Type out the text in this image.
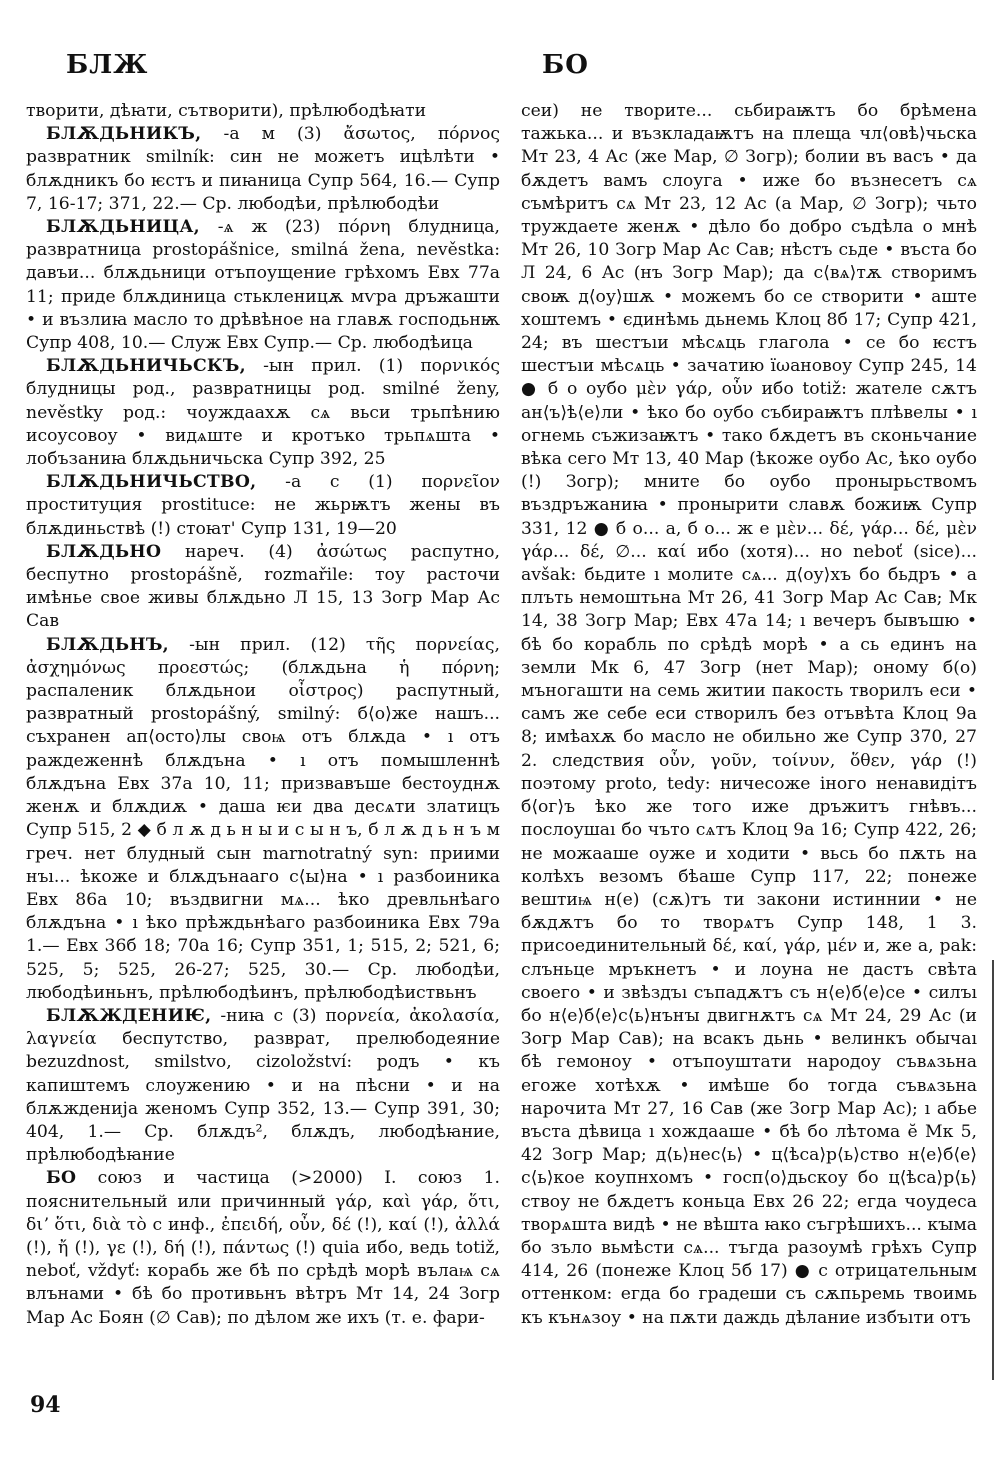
БЛЖ	БО

творити, дѣꙗти, сътворити), прѣлюбодѣꙗти

БЛѪДЬНИКЪ, -а м (3) ἄσωτος, πόρνος развратник smilník: син не можетъ ицѣлѣти • блѫдникъ бо ѥстъ и пиꙗница Супр 564, 16.— Супр 7, 16-17; 371, 22.— Ср. любодѣи, прѣлюбодѣи

БЛѪДЬНИЦА, -ѧ ж (23) πόρνη блудница, развратница prostopášnice, smilná žena, nevěstka: давъи... блѫдьници отъпоущение грѣхомъ Евх 77а 11; приде блѫдиница стькленицѫ мѵра дръжашти • и възлиꙗ масло то дрѣвѣное на главѫ господьнѭ Супр 408, 10.— Служ Евх Супр.— Ср. любодѣица

БЛѪДЬНИЧЬСКЪ, -ын прил. (1) πορνικός блудницы род., развратницы род. smilné ženy, nevěstky род.: чоуждаахѫ сѧ вьси трьпѣнию исоусовоу • видѧште и кротъко трьпѧшта • лобъзаниꙗ блѫдьничьска Супр 392, 25

БЛѪДЬНИЧЬСТВО, -а с (1) πορνεῖον проституция prostituce: не жьрѭтъ жены въ блѫдиньствѣ (!) стоꙗт' Супр 131, 19—20

БЛѪДЬНО нареч. (4) ἀσώτως распутно, беспутно prostopášně, rozmařile: тоу расточи имѣнье свое живы блѫдьно Л 15, 13 Зогр Мар Ас Сав

БЛѪДЬНЪ, -ын прил. (12) τῆς πορνείας, ἀσχημόνως προεστώς; (блѫдьна ἡ πόρνη; распаленик блѫдьнои οἶστρος) распутный, развратный prostopášný, smilný: б⟨о⟩же нашъ... съхранен ап⟨осто⟩лы своѩ отъ блѫда • ı отъ раждеженнѣ блѫдъна • ı отъ помышленнѣ блѫдъна Евх 37а 10, 11; призвавъше бестоуднѫ женѫ и блѫдиѫ • даша ѥи два десѧти златицъ Супр 515, 2 ◆ б л ѫ д ь н ы и с ы н ъ, б л ѫ д ь н ъ м греч. нет блудный сын marnotratný syn: приими нъı... ѣкоже и блѫдънааго с⟨ы⟩на • ı разбоиника Евх 86а 10; въздвигни мѧ... ѣко древльнѣаго блѫдъна • ı ѣко прѣждьнѣаго разбоиника Евх 79а 1.— Евх 36б 18; 70а 16; Супр 351, 1; 515, 2; 521, 6; 525, 5; 525, 26-27; 525, 30.— Ср. любодѣи, любодѣиньнъ, прѣлюбодѣинъ, прѣлюбодѣиствьнъ

БЛѪЖДЕНИѤ, -ниꙗ с (3) πορνεία, ἀκολασία, λαγνεία беспутство, разврат, прелюбодеяние bezuzdnost, smilstvo, cizoložství: родъ • къ капиштемъ слоужению • и на пѣсни • и на блѫжденија женомъ Супр 352, 13.— Супр 391, 30; 404, 1.— Ср. блѫдъ², блѫдъ, любодѣꙗние, прѣлюбодѣꙗние

БО союз и частица (>2000) I. союз 1. пояснительный или причинный γάρ, καὶ γάρ, ὅτι, διʼ ὅτι, διὰ τὸ с инф., ἐπειδή, οὖν, δέ (!), καί (!), ἀλλά (!), ἤ (!), γε (!), δή (!), πάντως (!) quia ибо, ведь totiž, neboť, vždyť: корабь же бѣ по срѣдѣ морѣ вълаѩ сѧ влънами • бѣ бо противьнъ вѣтръ Мт 14, 24 Зогр Мар Ас Боян (∅ Сав); по дѣлом же ихъ (т. е. фари-

сеи) не творите... сьбираѭтъ бо брѣмена тажька... и възкладаѭтъ на плеща чл⟨овѣ⟩чьска Мт 23, 4 Ас (же Мар, ∅ Зогр); болии въ васъ • да бѫдетъ вамъ слоуга • иже бо възнесетъ сѧ съмѣритъ сѧ Мт 23, 12 Ас (а Мар, ∅ Зогр); чьто труждаете женѫ • дѣло бо добро съдѣла о мнѣ Мт 26, 10 Зогр Мар Ас Сав; нѣстъ сьде • въста бо Л 24, 6 Ас (нъ Зогр Мар); да с⟨вѧ⟩тѫ створимъ своѭ д⟨оу⟩шѫ • можемъ бо се створити • аште хоштемъ • єдинѣмь дьнемь Клоц 8б 17; Супр 421, 24; въ шестъıи мѣсѧць глагола • се бо ѥстъ шестъıи мѣсѧць • зачатию їωановоу Супр 245, 14 ● б о оубо μὲν γάρ, οὖν ибо totiž: жателе сѫтъ ан⟨ъ⟩ѣ⟨е⟩ли • ѣко бо оубо събираѭтъ плѣвелы • ı огнемь съжизаѭтъ • тако бѫдетъ въ сконьчание вѣка сего Мт 13, 40 Мар (ѣкоже оубо Ас, ѣко оубо (!) Зогр); мните бо оубо пронырьствомъ въздръжаниꙗ • пронырити славѫ божиѭ Супр 331, 12 ● б о... а, б о... ж е μὲν... δέ, γάρ... δέ, μὲν γάρ... δέ, ∅... καί ибо (хотя)... но neboť (sice)... avšak: бьдите ı молите сѧ... д⟨оу⟩хъ бо бьдръ • а плъть немоштьна Мт 26, 41 Зогр Мар Ас Сав; Мк 14, 38 Зогр Мар; Евх 47а 14; ı вечеръ бывъшю • бѣ бо корабль по срѣдѣ морѣ • а сь единъ на земли Мк 6, 47 Зогр (нет Мар); оному б(о) мъногашти на семь житии пакость творилъ еси • самъ же себе еси створилъ без отъвѣта Клоц 9а 8; имѣахѫ бо масло не обильно же Супр 370, 27 2. следствия οὖν, γοῦν, τοίνυν, ὅθεν, γάρ (!) поэтому proto, tedy: ничесоже іного ненавидітъ б⟨ог⟩ъ ѣко же того иже дръжитъ гнѣвъ... послоушаı бо чъто сѧтъ Клоц 9а 16; Супр 422, 26; не можааше оуже и ходити • вьсь бо пѫть на колѣхъ везомъ бѣаше Супр 117, 22; понеже вештиѩ н(е) (сѫ)тъ ти закони истиннии • не бѫдѫтъ бо то творѧтъ Супр 148, 1 3. присоединительный δέ, καί, γάρ, μέν и, же а, pak: слъньце мръкнетъ • и лоуна не дастъ свѣта своего • и звѣздъı съпадѫтъ съ н⟨е⟩б⟨е⟩се • силъı бо н⟨е⟩б⟨е⟩с⟨ь⟩нънꙑ двигнѫтъ сѧ Мт 24, 29 Ас (и Зогр Мар Сав); на всакъ дьнь • велинкъ обычаı бѣ гемоноу • отъпоуштати народоу съвѧзьна егоже хотѣхѫ • имѣше бо тогда съвѧзьна нарочита Мт 27, 16 Сав (же Зогр Мар Ас); ı абье въста дѣвица ı хождааше • бѣ бо лѣтома ӗ Мк 5, 42 Зогр Мар; д⟨ь⟩нес⟨ь⟩ • ц⟨ѣса⟩р⟨ь⟩ство н⟨е⟩б⟨е⟩с⟨ь⟩кое коупнхомъ • госп⟨о⟩дьскоу бо ц⟨ѣса⟩р⟨ь⟩ствоу не бѫдетъ коньца Евх 26 22; егда чоудеса творѧшта видѣ • не вѣшта ꙗко съгрѣшихъ... кꙑма бо зъло вьмѣсти сѧ... тъгда разоумѣ грѣхъ Супр 414, 26 (понеже Клоц 5б 17) ● с отрицательным оттенком: егда бо градеши съ сѫпьремь твоимь къ кънѧзоу • на пѫти даждь дѣлание избъıти отъ

94
